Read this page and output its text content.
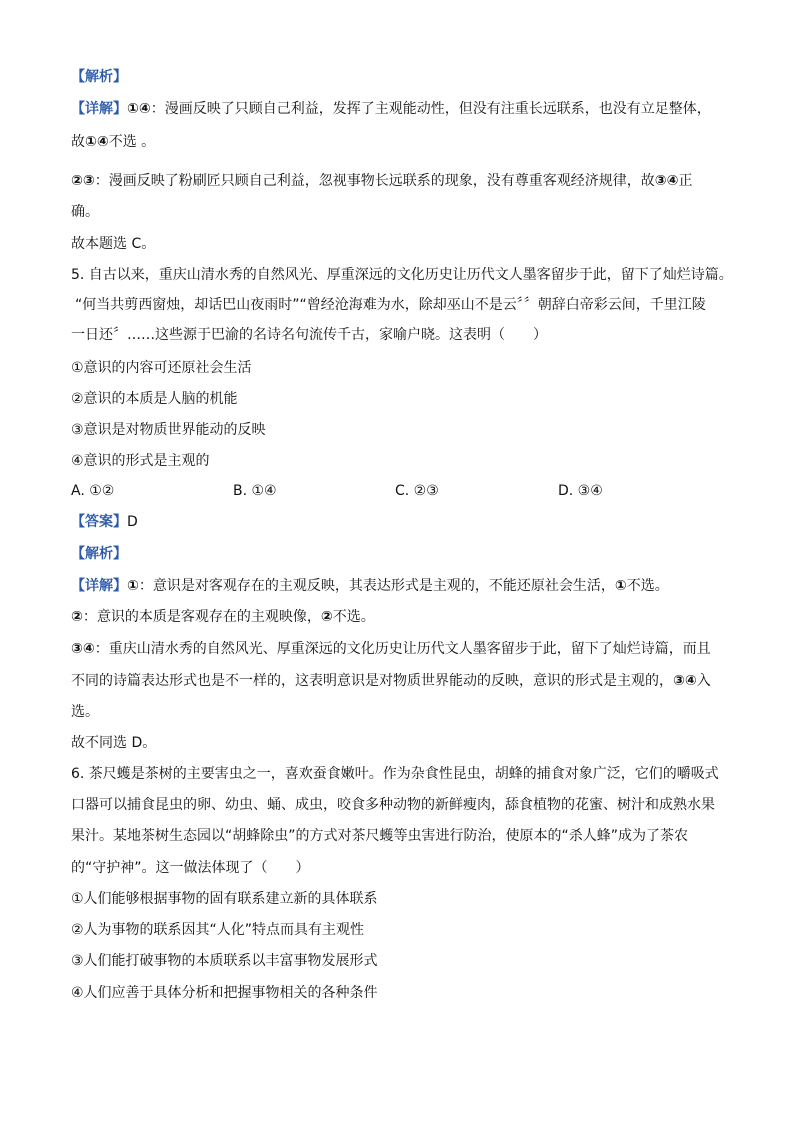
【解析】
【详解】①④：漫画反映了只顾自己利益，发挥了主观能动性，但没有注重长远联系，也没有立足整体，
故①④不选 。
②③：漫画反映了粉刷匠只顾自己利益，忽视事物长远联系的现象，没有尊重客观经济规律，故③④正
确。
故本题选 C。
5. 自古以来，重庆山清水秀的自然风光、厚重深远的文化历史让历代文人墨客留步于此，留下了灿烂诗篇。
“何当共剪西窗烛，却话巴山夜雨时”“曾经沧海难为水，除却巫山不是云〞〞朝辞白帝彩云间，千里江陵
一日还〞……这些源于巴渝的名诗名句流传千古，家喻户晓。这表明（　　）
①意识的内容可还原社会生活
②意识的本质是人脑的机能
③意识是对物质世界能动的反映
④意识的形式是主观的
A. ①②	B. ①④	C. ②③	D. ③④
【答案】D
【解析】
【详解】①：意识是对客观存在的主观反映，其表达形式是主观的，不能还原社会生活，①不选。
②：意识的本质是客观存在的主观映像，②不选。
③④：重庆山清水秀的自然风光、厚重深远的文化历史让历代文人墨客留步于此，留下了灿烂诗篇，而且
不同的诗篇表达形式也是不一样的，这表明意识是对物质世界能动的反映，意识的形式是主观的，③④入
选。
故不同选 D。
6. 茶尺蠖是茶树的主要害虫之一，喜欢蚕食嫩叶。作为杂食性昆虫，胡蜂的捕食对象广泛，它们的嚼吸式
口器可以捕食昆虫的卵、幼虫、蛹、成虫，咬食多种动物的新鲜瘦肉，舔食植物的花蜜、树汁和成熟水果
果汁。某地茶树生态园以“胡蜂除虫”的方式对茶尺蠖等虫害进行防治，使原本的“杀人蜂”成为了茶农
的“守护神”。这一做法体现了（　　）
①人们能够根据事物的固有联系建立新的具体联系
②人为事物的联系因其“人化”特点而具有主观性
③人们能打破事物的本质联系以丰富事物发展形式
④人们应善于具体分析和把握事物相关的各种条件
